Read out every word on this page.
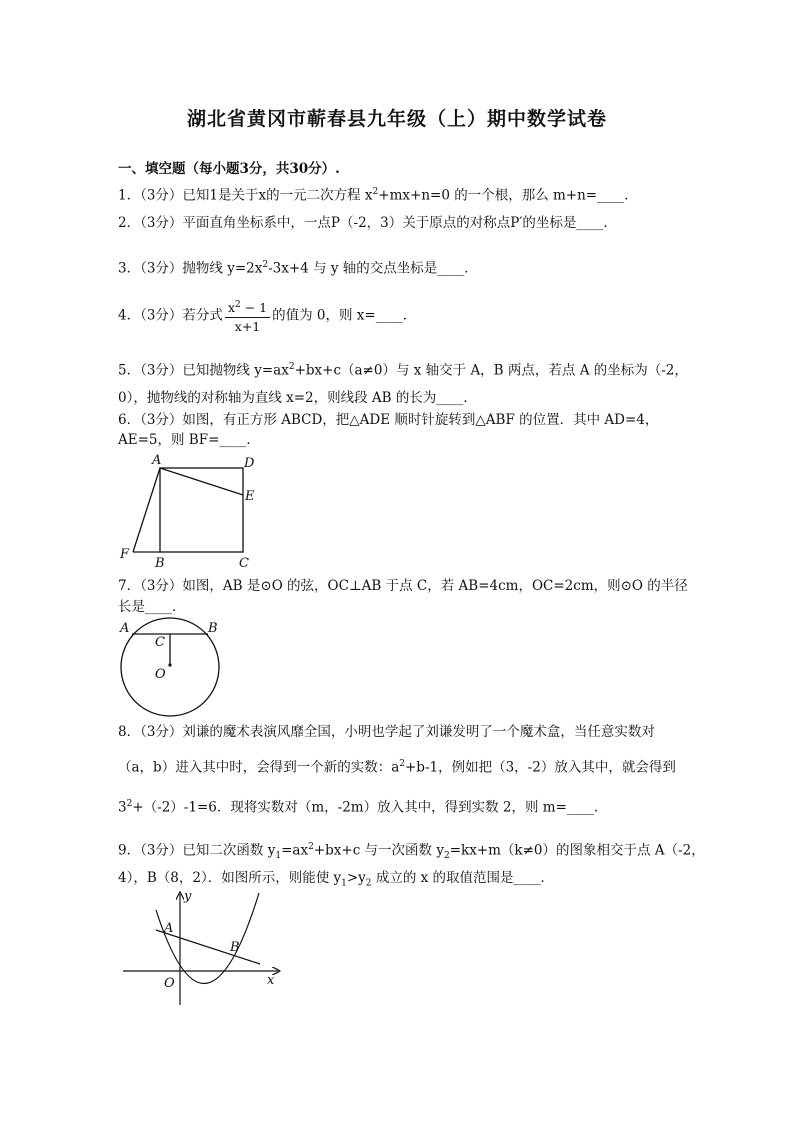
湖北省黄冈市蕲春县九年级（上）期中数学试卷
一、填空题（每小题3分，共30分）.
1．（3分）已知1是关于x的一元二次方程 $x^2+mx+n=0$ 的一个根，那么 m+n=____．
2．（3分）平面直角坐标系中，一点P（-2，3）关于原点的对称点P′的坐标是____．
3．（3分）抛物线 $y=2x^2-3x+4$ 与 y 轴的交点坐标是____．
4．（3分）若分式 $\frac{x^2 - 1}{x+1}$ 的值为 0，则 x=____．
5．（3分）已知抛物线 $y=ax^2+bx+c(a\ne 0)$与 x 轴交于 A，B 两点，若点 A 的坐标为（-2，
0），抛物线的对称轴为直线 x=2，则线段 AB 的长为____．
6．（3分）如图，有正方形 ABCD，把△ADE 顺时针旋转到△ABF 的位置．其中 AD=4，
AE=5，则 BF=____．
A	D
E
F
B	C
7．（3分）如图，AB 是⊙O 的弦，OC⊥AB 于点 C，若 AB=4cm，OC=2cm，则⊙O 的半径
长是____．
A	B
C
O
8．（3分）刘谦的魔术表演风靡全国，小明也学起了刘谦发明了一个魔术盒，当任意实数对
（a，b）进入其中时，会得到一个新的实数：$a^2+b-1$，例如把（3，-2）放入其中，就会得到
$3^2+(-2)-1=6$．现将实数对（m，-2m）放入其中，得到实数 2，则 m=____．
9．（3分）已知二次函数 $y_1=ax^2+bx+c$ 与一次函数 $y_2=kx+m(k\ne 0)$的图象相交于点 A（-2，
4），B（8，2）．如图所示，则能使 $y_1>y_2$ 成立的 x 的取值范围是____．
A
B
O	x
y
